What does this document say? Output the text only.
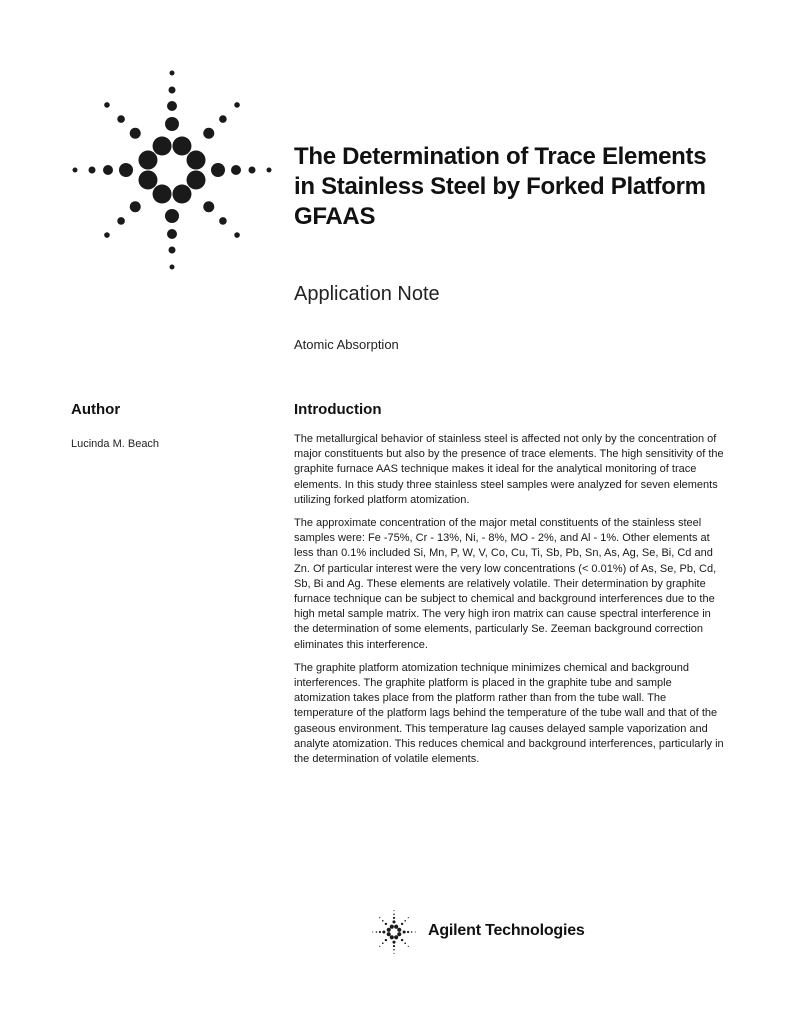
The Determination of Trace Elements
in Stainless Steel by Forked Platform
GFAAS
Application Note
Atomic Absorption
Author
Lucinda M. Beach
Introduction

The metallurgical behavior of stainless steel is affected not only by the concentration of major constituents but also by the presence of trace elements. The high sensitivity of the graphite furnace AAS technique makes it ideal for the analytical monitoring of trace elements. In this study three stainless steel samples were analyzed for seven elements utilizing forked platform atomization.

The approximate concentration of the major metal constituents of the stainless steel samples were: Fe -75%, Cr - 13%, Ni, - 8%, MO - 2%, and Al - 1%. Other elements at less than 0.1% included Si, Mn, P, W, V, Co, Cu, Ti, Sb, Pb, Sn, As, Ag, Se, Bi, Cd and Zn. Of particular interest were the very low concentrations (< 0.01%) of As, Se, Pb, Cd, Sb, Bi and Ag. These elements are relatively volatile. Their determination by graphite furnace technique can be subject to chemical and background interferences due to the high metal sample matrix. The very high iron matrix can cause spectral interference in the determination of some elements, particularly Se. Zeeman background correction eliminates this interference.

The graphite platform atomization technique minimizes chemical and background interferences. The graphite platform is placed in the graphite tube and sample atomization takes place from the platform rather than from the tube wall. The temperature of the platform lags behind the temperature of the tube wall and that of the gaseous environment. This temperature lag causes delayed sample vaporization and analyte atomization. This reduces chemical and background interferences, particularly in the determination of volatile elements.

Agilent Technologies
